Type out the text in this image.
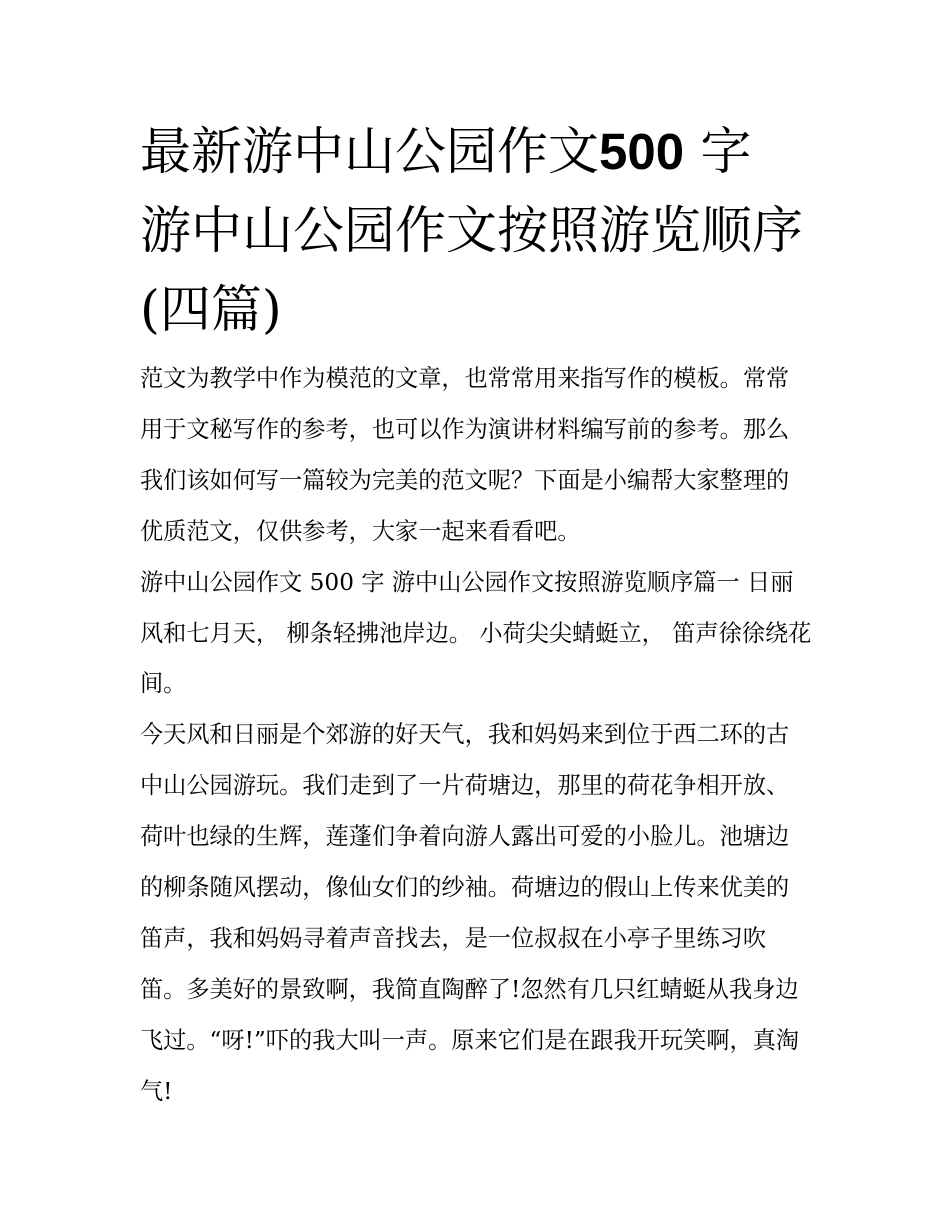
最新游中山公园作文500 字 游中山公园作文按照游览顺序(四篇)

范文为教学中作为模范的文章，也常常用来指写作的模板。常常用于文秘写作的参考，也可以作为演讲材料编写前的参考。那么我们该如何写一篇较为完美的范文呢？下面是小编帮大家整理的优质范文，仅供参考，大家一起来看看吧。

游中山公园作文 500 字 游中山公园作文按照游览顺序篇一 日丽风和七月天， 柳条轻拂池岸边。 小荷尖尖蜻蜓立， 笛声徐徐绕花间。

今天风和日丽是个郊游的好天气，我和妈妈来到位于西二环的古中山公园游玩。我们走到了一片荷塘边，那里的荷花争相开放、荷叶也绿的生辉，莲蓬们争着向游人露出可爱的小脸儿。池塘边的柳条随风摆动，像仙女们的纱袖。荷塘边的假山上传来优美的笛声，我和妈妈寻着声音找去，是一位叔叔在小亭子里练习吹笛。多美好的景致啊，我简直陶醉了!忽然有几只红蜻蜓从我身边飞过。“呀!”吓的我大叫一声。原来它们是在跟我开玩笑啊，真淘气!
